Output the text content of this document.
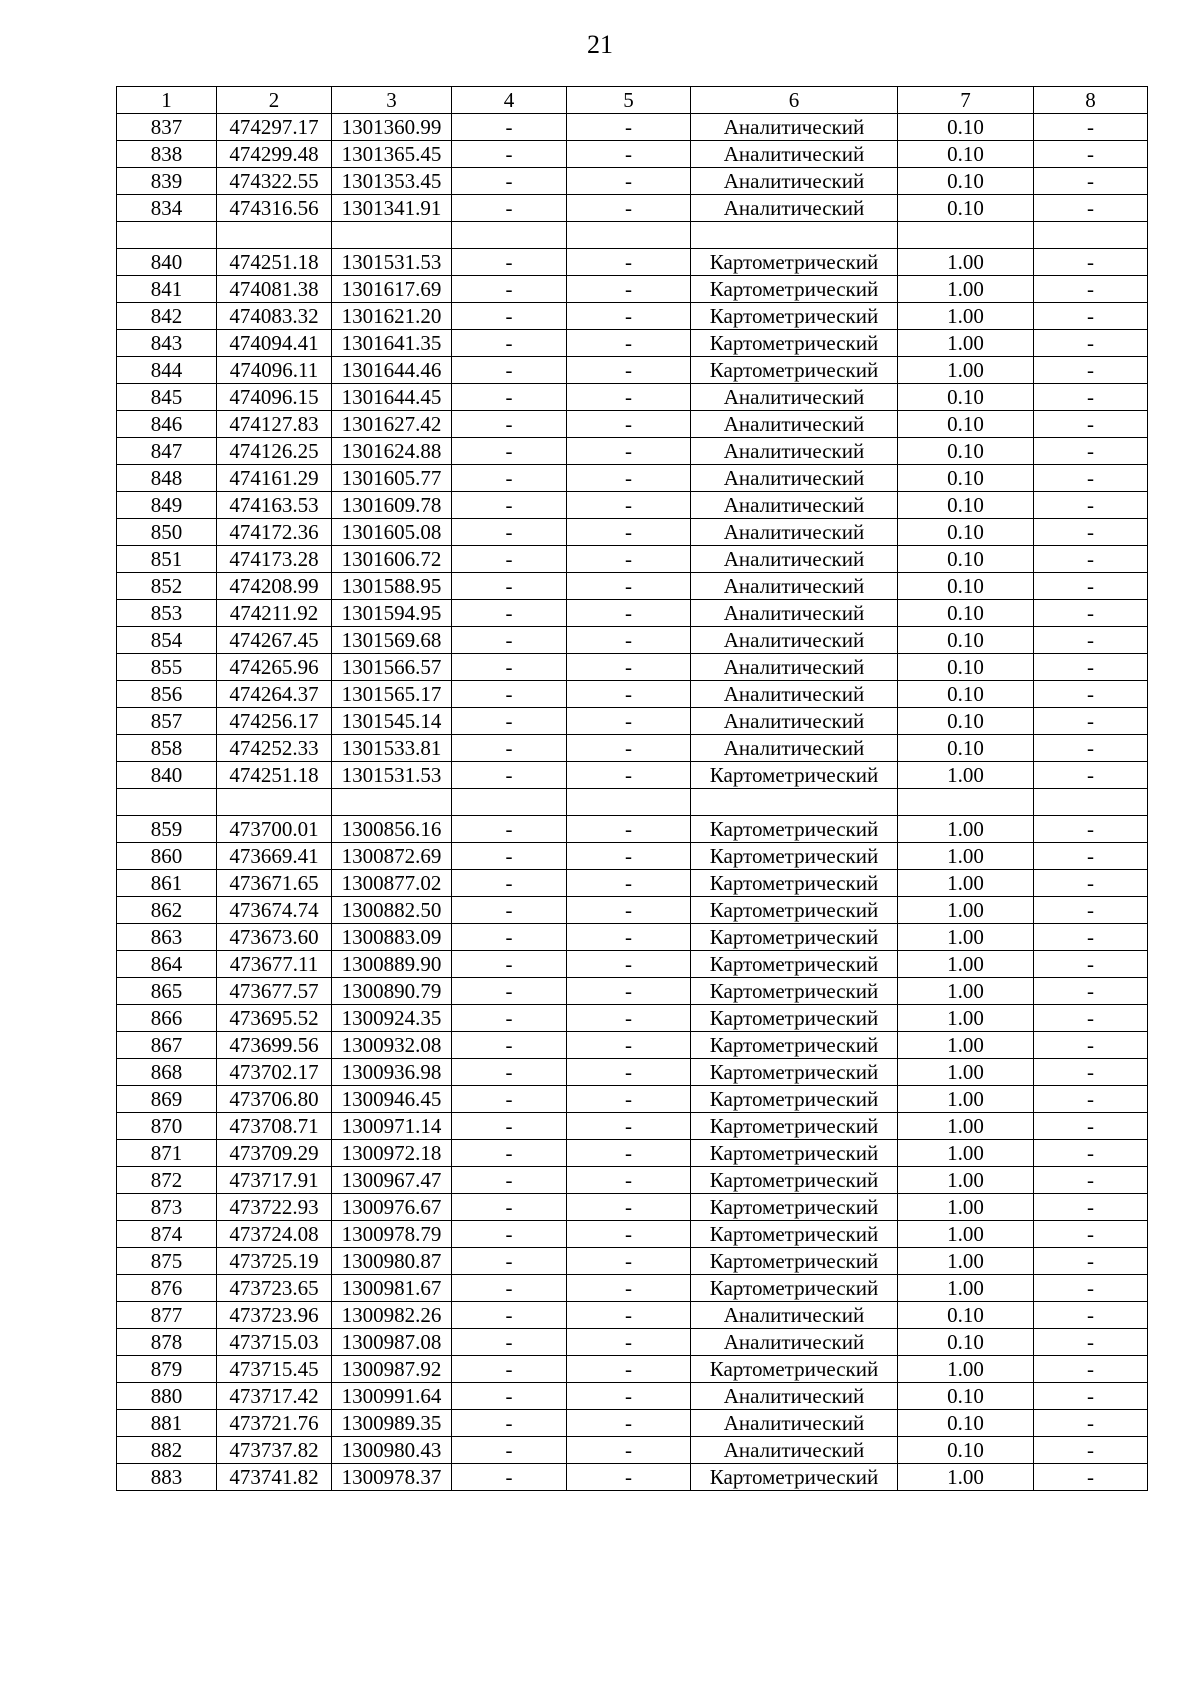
21
1	2	3	4	5	6	7	8
837	474297.17	1301360.99	-	-	Аналитический	0.10	-
838	474299.48	1301365.45	-	-	Аналитический	0.10	-
839	474322.55	1301353.45	-	-	Аналитический	0.10	-
834	474316.56	1301341.91	-	-	Аналитический	0.10	-

840	474251.18	1301531.53	-	-	Картометрический	1.00	-
841	474081.38	1301617.69	-	-	Картометрический	1.00	-
842	474083.32	1301621.20	-	-	Картометрический	1.00	-
843	474094.41	1301641.35	-	-	Картометрический	1.00	-
844	474096.11	1301644.46	-	-	Картометрический	1.00	-
845	474096.15	1301644.45	-	-	Аналитический	0.10	-
846	474127.83	1301627.42	-	-	Аналитический	0.10	-
847	474126.25	1301624.88	-	-	Аналитический	0.10	-
848	474161.29	1301605.77	-	-	Аналитический	0.10	-
849	474163.53	1301609.78	-	-	Аналитический	0.10	-
850	474172.36	1301605.08	-	-	Аналитический	0.10	-
851	474173.28	1301606.72	-	-	Аналитический	0.10	-
852	474208.99	1301588.95	-	-	Аналитический	0.10	-
853	474211.92	1301594.95	-	-	Аналитический	0.10	-
854	474267.45	1301569.68	-	-	Аналитический	0.10	-
855	474265.96	1301566.57	-	-	Аналитический	0.10	-
856	474264.37	1301565.17	-	-	Аналитический	0.10	-
857	474256.17	1301545.14	-	-	Аналитический	0.10	-
858	474252.33	1301533.81	-	-	Аналитический	0.10	-
840	474251.18	1301531.53	-	-	Картометрический	1.00	-

859	473700.01	1300856.16	-	-	Картометрический	1.00	-
860	473669.41	1300872.69	-	-	Картометрический	1.00	-
861	473671.65	1300877.02	-	-	Картометрический	1.00	-
862	473674.74	1300882.50	-	-	Картометрический	1.00	-
863	473673.60	1300883.09	-	-	Картометрический	1.00	-
864	473677.11	1300889.90	-	-	Картометрический	1.00	-
865	473677.57	1300890.79	-	-	Картометрический	1.00	-
866	473695.52	1300924.35	-	-	Картометрический	1.00	-
867	473699.56	1300932.08	-	-	Картометрический	1.00	-
868	473702.17	1300936.98	-	-	Картометрический	1.00	-
869	473706.80	1300946.45	-	-	Картометрический	1.00	-
870	473708.71	1300971.14	-	-	Картометрический	1.00	-
871	473709.29	1300972.18	-	-	Картометрический	1.00	-
872	473717.91	1300967.47	-	-	Картометрический	1.00	-
873	473722.93	1300976.67	-	-	Картометрический	1.00	-
874	473724.08	1300978.79	-	-	Картометрический	1.00	-
875	473725.19	1300980.87	-	-	Картометрический	1.00	-
876	473723.65	1300981.67	-	-	Картометрический	1.00	-
877	473723.96	1300982.26	-	-	Аналитический	0.10	-
878	473715.03	1300987.08	-	-	Аналитический	0.10	-
879	473715.45	1300987.92	-	-	Картометрический	1.00	-
880	473717.42	1300991.64	-	-	Аналитический	0.10	-
881	473721.76	1300989.35	-	-	Аналитический	0.10	-
882	473737.82	1300980.43	-	-	Аналитический	0.10	-
883	473741.82	1300978.37	-	-	Картометрический	1.00	-
